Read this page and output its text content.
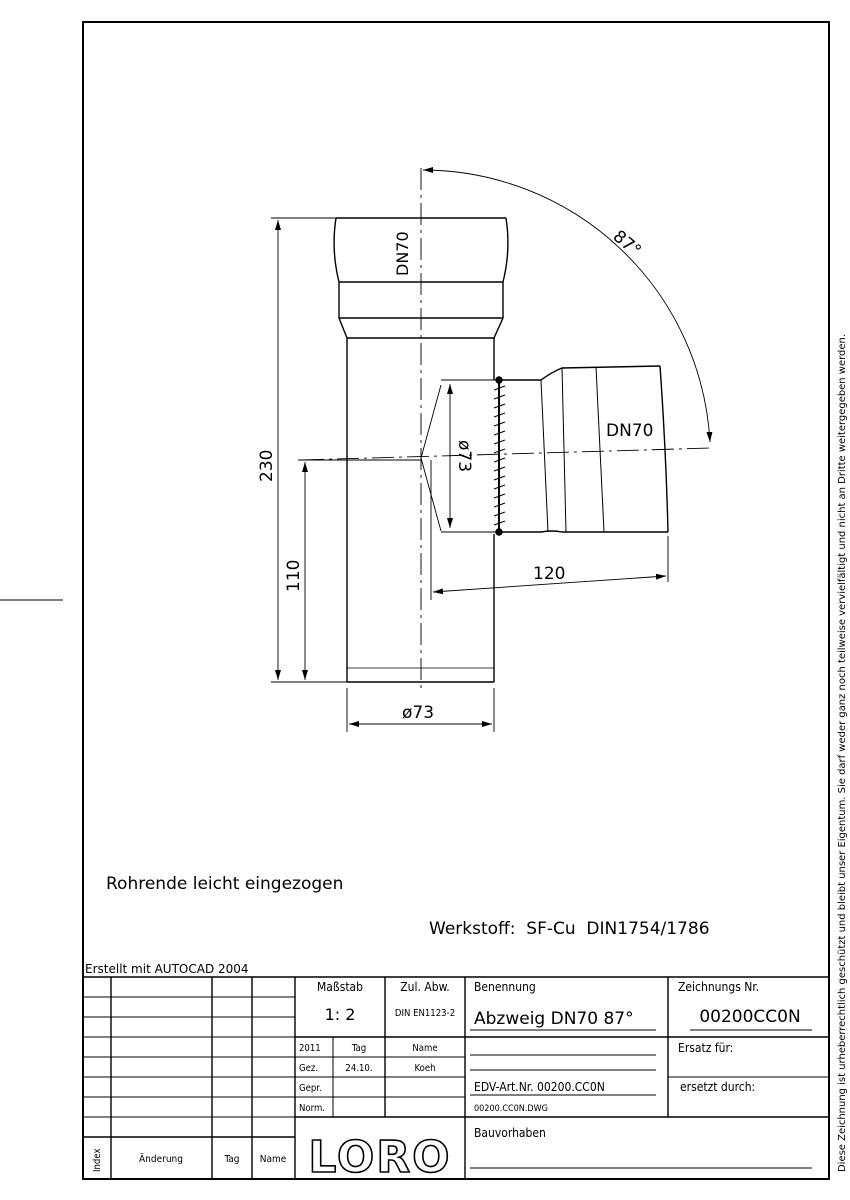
DN70
DN70
87°
230
110	120
ø73
ø73
Rohrende leicht eingezogen
Werkstoff:  SF-Cu  DIN1754/1786	Diese Zeichnung ist urheberrechtlich geschützt und bleibt unser Eigentum. Sie darf weder ganz noch teilweise vervielfältigt und nicht an Dritte weitergegeben werden.
Erstellt mit AUTOCAD 2004
Maßstab
1: 2
Zul. Abw.
DIN EN1123-2
Benennung
Abzweig DN70 87°
Zeichnungs Nr.
00200CC0N
2011	Tag	Name
Gez.	24.10.	Koeh
Gepr.
Norm.
Ersatz für:
ersetzt durch:
EDV-Art.Nr. 00200.CC0N
00200.CC0N.DWG
Bauvorhaben
LORO
Index	Änderung	Tag Name
